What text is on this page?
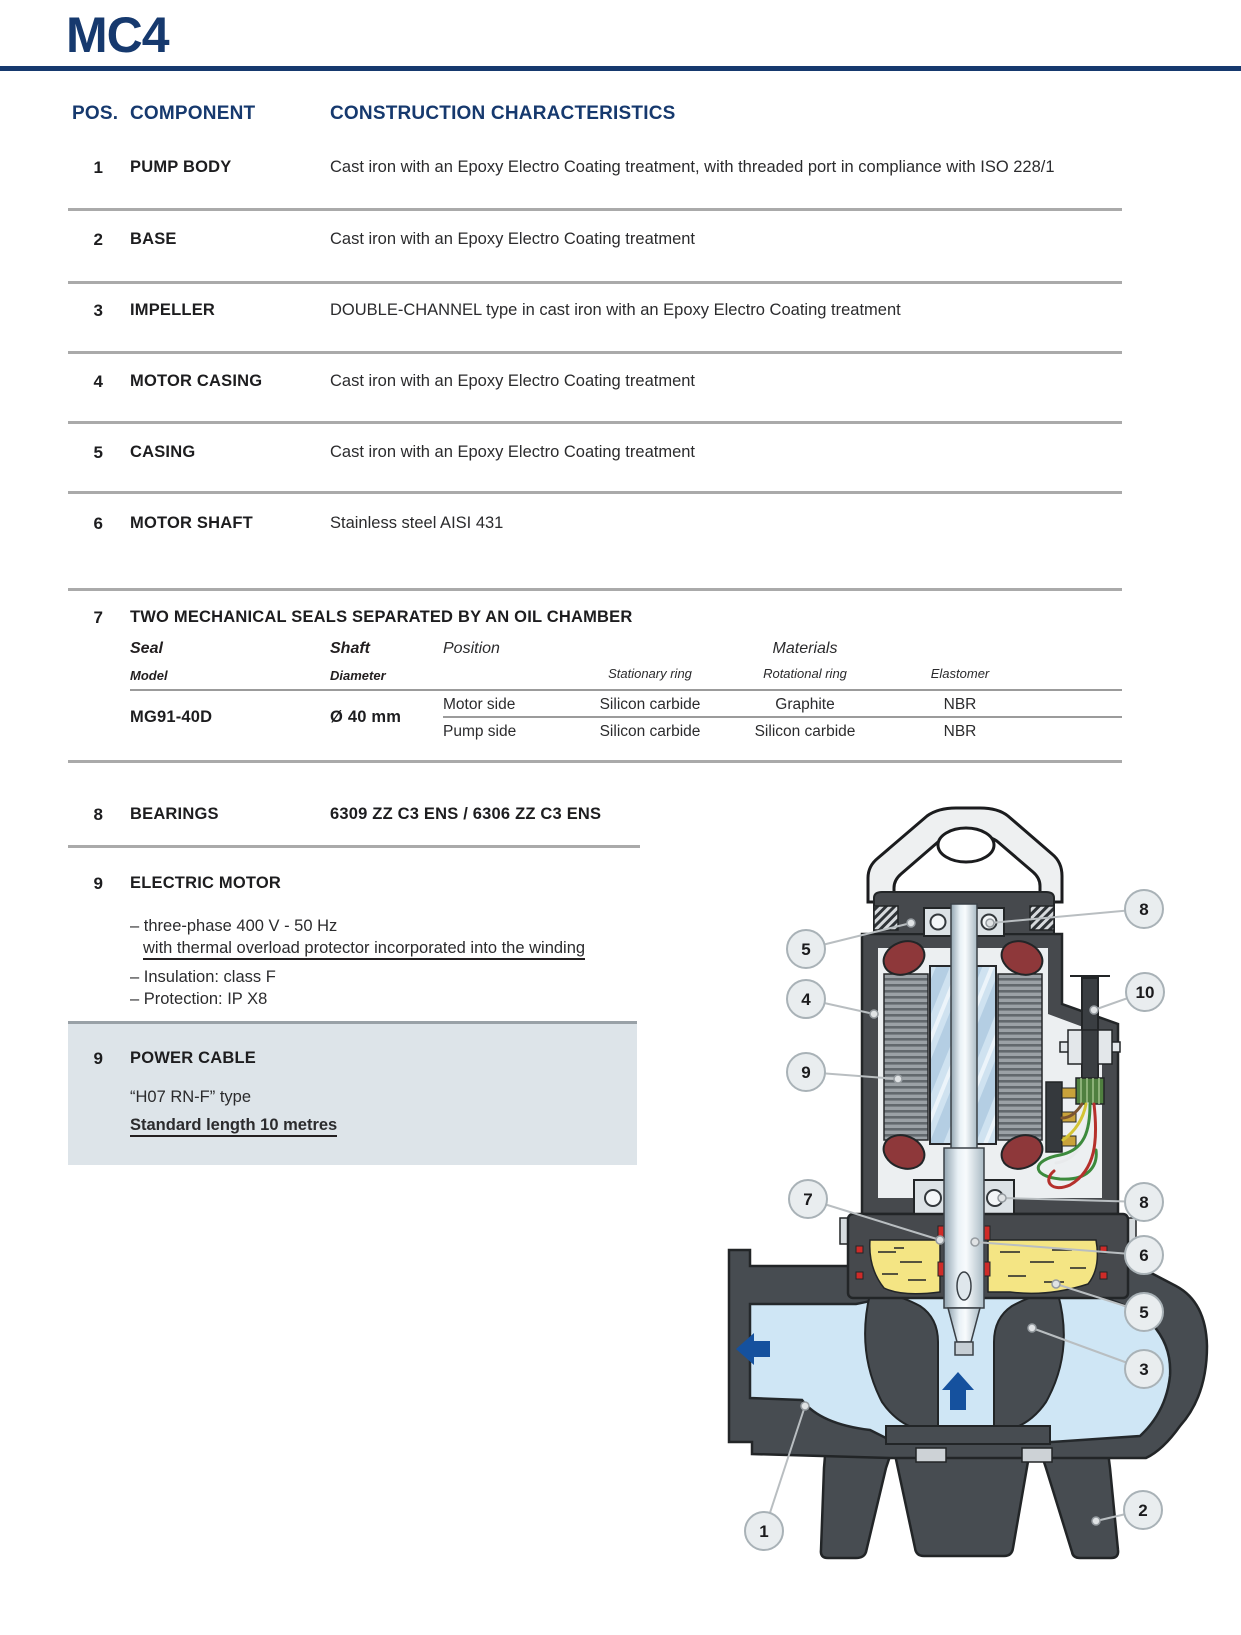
MC4
POS. COMPONENT	CONSTRUCTION CHARACTERISTICS
1 PUMP BODY	Cast iron with an Epoxy Electro Coating treatment, with threaded port in compliance with ISO 228/1
2 BASE	Cast iron with an Epoxy Electro Coating treatment
3 IMPELLER	DOUBLE-CHANNEL type in cast iron with an Epoxy Electro Coating treatment
4 MOTOR CASING	Cast iron with an Epoxy Electro Coating treatment
5 CASING	Cast iron with an Epoxy Electro Coating treatment
6 MOTOR SHAFT	Stainless steel AISI 431
7 TWO MECHANICAL SEALS SEPARATED BY AN OIL CHAMBER
Seal	Shaft	Position	Materials
Model	Diameter	Stationary ring	Rotational ring	Elastomer
MG91-40D	Ø 40 mm
Motor side	Silicon carbide	Graphite	NBR
Pump side	Silicon carbide	Silicon carbide	NBR
8 BEARINGS	6309 ZZ C3 ENS / 6306 ZZ C3 ENS
9 ELECTRIC MOTOR
– three-phase 400 V - 50 Hz
with thermal overload protector incorporated into the winding
– Insulation: class F
– Protection: IP X8
9 POWER CABLE
“H07 RN-F” type
Standard length 10 metres
5
4
9
7
1
8
10
8
6
5
3
2
